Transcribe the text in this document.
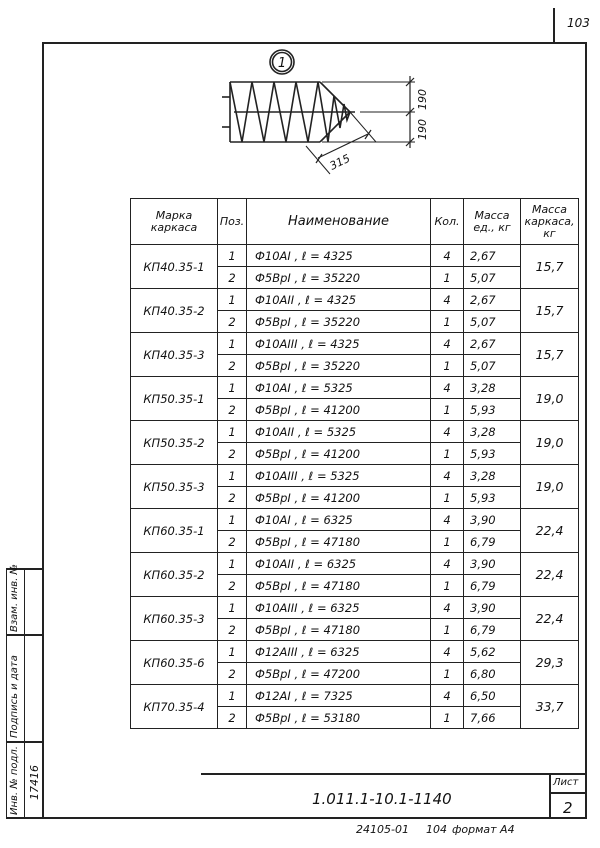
103
1
190
190
315
Марка каркаса	Поз.	Наименование	Кол.	Масса ед., кг	Масса каркаса, кг
КП40.35-1	1	Ф10АI , ℓ = 4325	4	2,67	15,7
	2	Ф5ВрI , ℓ = 35220	1	5,07	
КП40.35-2	1	Ф10АII , ℓ = 4325	4	2,67	15,7
	2	Ф5ВрI , ℓ = 35220	1	5,07	
КП40.35-3	1	Ф10АIII , ℓ = 4325	4	2,67	15,7
	2	Ф5ВрI , ℓ = 35220	1	5,07	
КП50.35-1	1	Ф10АI , ℓ = 5325	4	3,28	19,0
	2	Ф5ВрI , ℓ = 41200	1	5,93	
КП50.35-2	1	Ф10АII , ℓ = 5325	4	3,28	19,0
	2	Ф5ВрI , ℓ = 41200	1	5,93	
КП50.35-3	1	Ф10АIII , ℓ = 5325	4	3,28	19,0
	2	Ф5ВрI , ℓ = 41200	1	5,93	
КП60.35-1	1	Ф10АI , ℓ = 6325	4	3,90	22,4
	2	Ф5ВрI , ℓ = 47180	1	6,79	
КП60.35-2	1	Ф10АII , ℓ = 6325	4	3,90	22,4
	2	Ф5ВрI , ℓ = 47180	1	6,79	
КП60.35-3	1	Ф10АIII , ℓ = 6325	4	3,90	22,4
	2	Ф5ВрI , ℓ = 47180	1	6,79	
КП60.35-6	1	Ф12АIII , ℓ = 6325	4	5,62	29,3
	2	Ф5ВрI , ℓ = 47200	1	6,80	
КП70.35-4	1	Ф12АI , ℓ = 7325	4	6,50	33,7
	2	Ф5ВрI , ℓ = 53180	1	7,66	
1.011.1-10.1-1140
Лист
2
24105-01 104 формат А4
Инв. № подл.
Подпись и дата
Взам. инв. №
17416
